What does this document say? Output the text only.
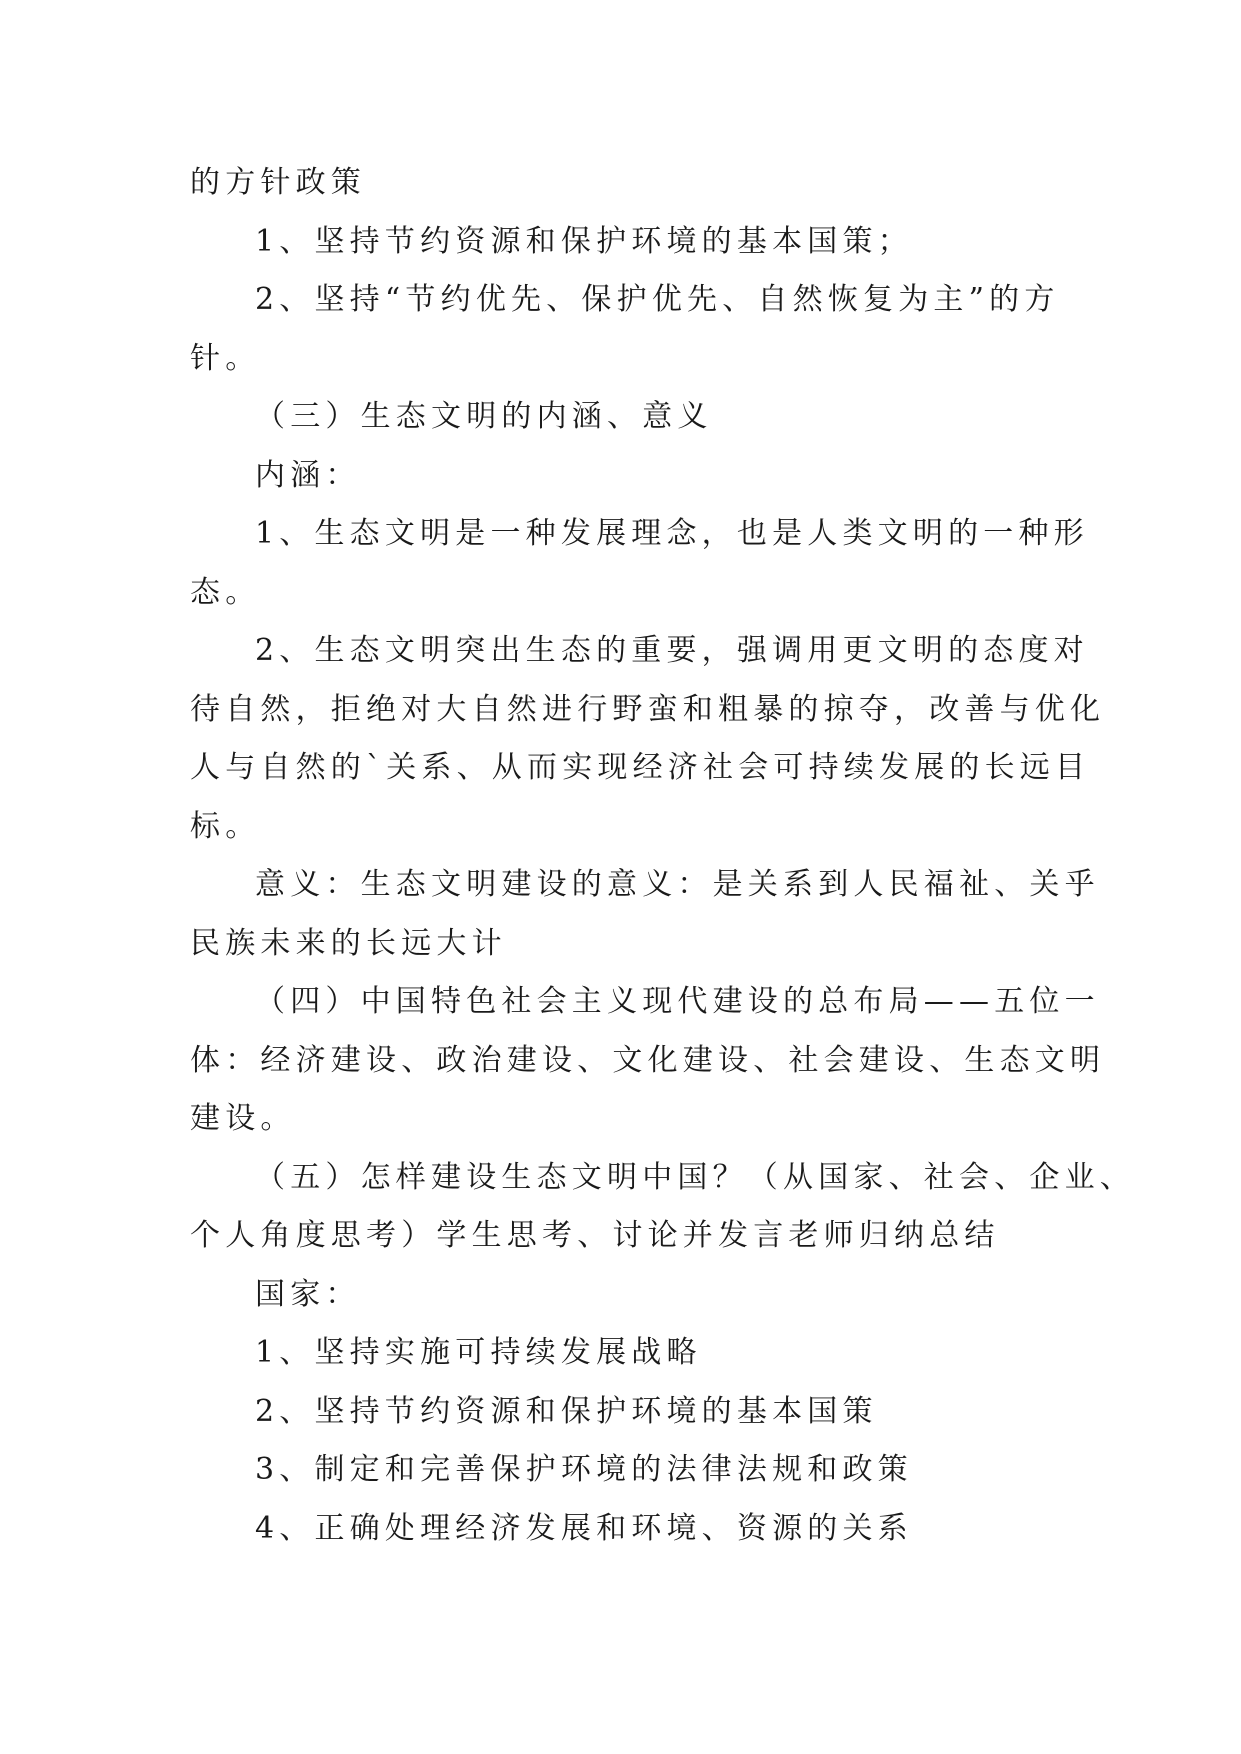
的方针政策
1、坚持节约资源和保护环境的基本国策；
2、坚持“节约优先、保护优先、自然恢复为主”的方
针。
（三）生态文明的内涵、意义
内涵：
1、生态文明是一种发展理念，也是人类文明的一种形
态。
2、生态文明突出生态的重要，强调用更文明的态度对
待自然，拒绝对大自然进行野蛮和粗暴的掠夺，改善与优化
人与自然的`关系、从而实现经济社会可持续发展的长远目
标。
意义：生态文明建设的意义：是关系到人民福祉、关乎
民族未来的长远大计
（四）中国特色社会主义现代建设的总布局——五位一
体：经济建设、政治建设、文化建设、社会建设、生态文明
建设。
（五）怎样建设生态文明中国？（从国家、社会、企业、
个人角度思考）学生思考、讨论并发言老师归纳总结
国家：
1、坚持实施可持续发展战略
2、坚持节约资源和保护环境的基本国策
3、制定和完善保护环境的法律法规和政策
4、正确处理经济发展和环境、资源的关系
